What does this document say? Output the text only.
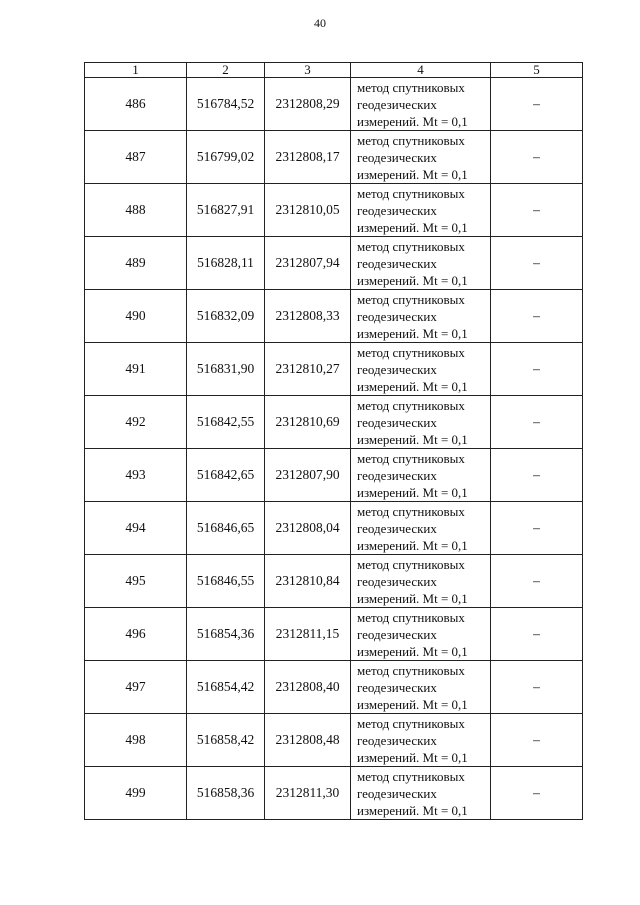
40
1	2	3	4	5
486	516784,52	2312808,29	метод спутниковых
геодезических
измерений. Mt = 0,1	–
487	516799,02	2312808,17	метод спутниковых
геодезических
измерений. Mt = 0,1	–
488	516827,91	2312810,05	метод спутниковых
геодезических
измерений. Mt = 0,1	–
489	516828,11	2312807,94	метод спутниковых
геодезических
измерений. Mt = 0,1	–
490	516832,09	2312808,33	метод спутниковых
геодезических
измерений. Mt = 0,1	–
491	516831,90	2312810,27	метод спутниковых
геодезических
измерений. Mt = 0,1	–
492	516842,55	2312810,69	метод спутниковых
геодезических
измерений. Mt = 0,1	–
493	516842,65	2312807,90	метод спутниковых
геодезических
измерений. Mt = 0,1	–
494	516846,65	2312808,04	метод спутниковых
геодезических
измерений. Mt = 0,1	–
495	516846,55	2312810,84	метод спутниковых
геодезических
измерений. Mt = 0,1	–
496	516854,36	2312811,15	метод спутниковых
геодезических
измерений. Mt = 0,1	–
497	516854,42	2312808,40	метод спутниковых
геодезических
измерений. Mt = 0,1	–
498	516858,42	2312808,48	метод спутниковых
геодезических
измерений. Mt = 0,1	–
499	516858,36	2312811,30	метод спутниковых
геодезических
измерений. Mt = 0,1	–
